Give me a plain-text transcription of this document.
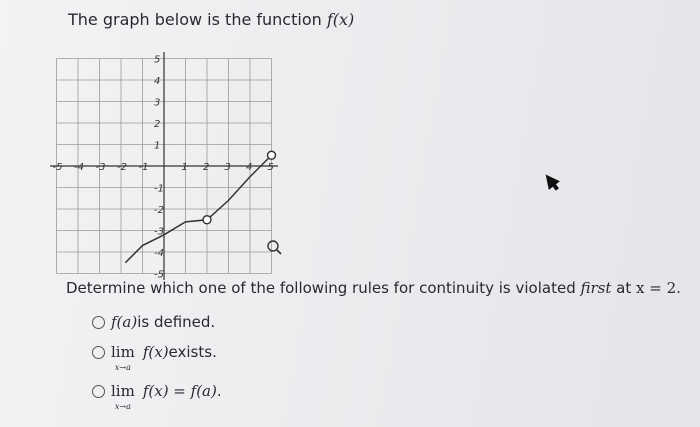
The graph below is the function f(x)
-5 -4 -3 -2 -1	1 2 3 4 5
5
4
3
2
1
-1
-2
-3
-4
-5
Determine which one of the following rules for continuity is violated first at x = 2.
f(a) is defined.
lim
x→a
f(x) exists.
lim
x→a
f(x) = f(a) .
